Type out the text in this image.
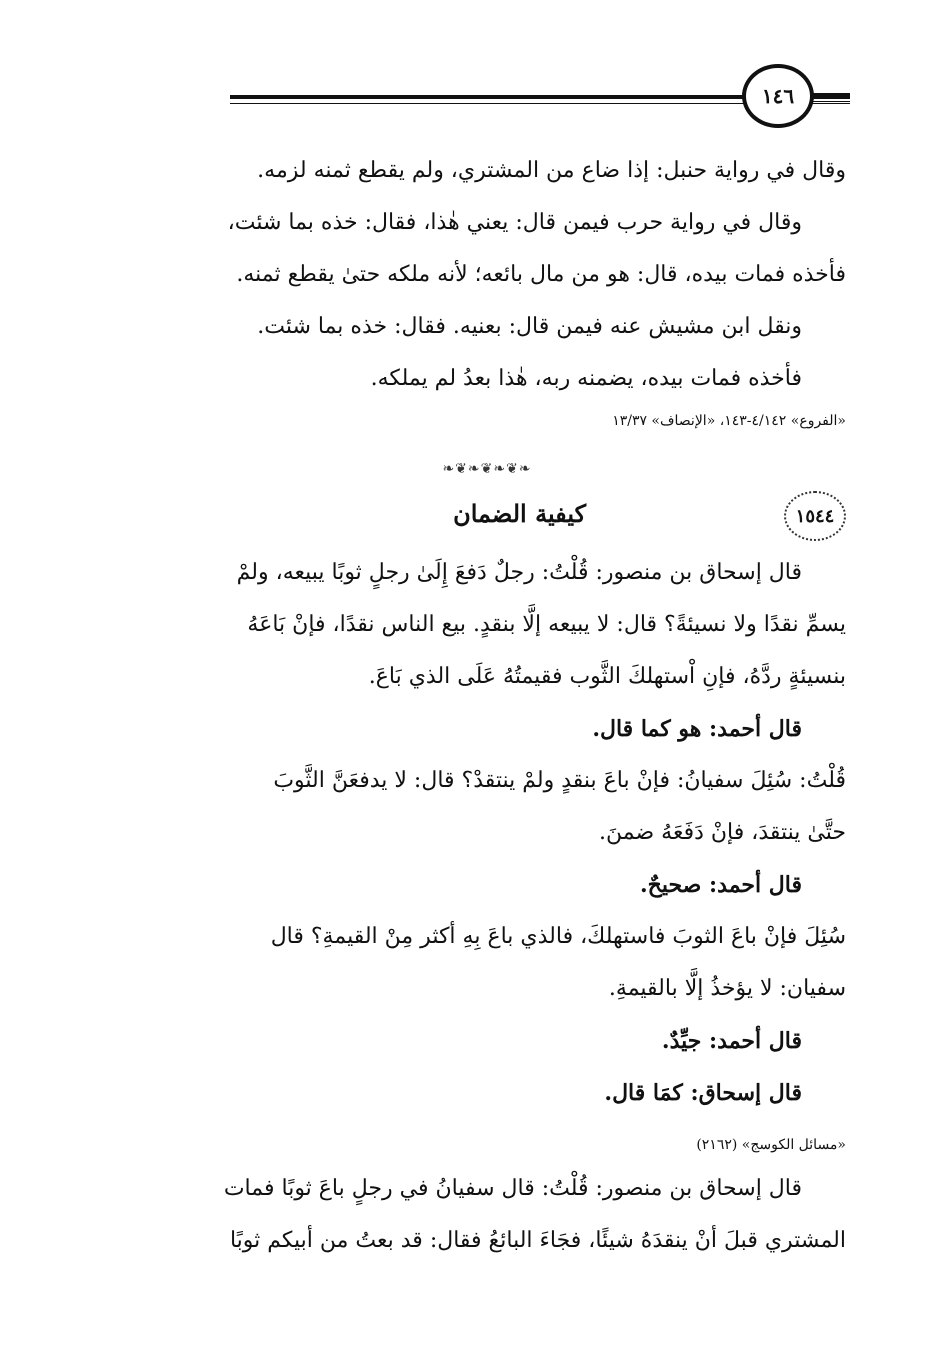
١٤٦

وقال في رواية حنبل: إذا ضاع من المشتري، ولم يقطع ثمنه لزمه.

وقال في رواية حرب فيمن قال: يعني هٰذا، فقال: خذه بما شئت،

فأخذه فمات بيده، قال: هو من مال بائعه؛ لأنه ملكه حتىٰ يقطع ثمنه.

ونقل ابن مشيش عنه فيمن قال: بعنيه. فقال: خذه بما شئت.

فأخذه فمات بيده، يضمنه ربه، هٰذا بعدُ لم يملكه.

«الفروع» ٤/١٤٢-١٤٣، «الإنصاف» ١٣/٣٧

❧❦❧❦❧❦❧
١٥٤٤
كيفية الضمان

قال إسحاق بن منصور: قُلْتُ: رجلٌ دَفعَ إِلَىٰ رجلٍ ثوبًا يبيعه، ولمْ

يسمِّ نقدًا ولا نسيئةً؟ قال: لا يبيعه إلَّا بنقدٍ. بيع الناس نقدًا، فإنْ بَاعَهُ

بنسيئةٍ ردَّهُ، فإنِ اْستهلكَ الثَّوب فقيمتُهُ عَلَى الذي بَاعَ.

قال أحمد: هو كما قال.

قُلْتُ: سُئِلَ سفيانُ: فإنْ باعَ بنقدٍ ولمْ ينتقدْ؟ قال: لا يدفعَنَّ الثَّوبَ

حتَّىٰ ينتقدَ، فإنْ دَفَعَهُ ضمنَ.

قال أحمد: صحيحٌ.

سُئِلَ فإنْ باعَ الثوبَ فاستهلكَ، فالذي باعَ بِهِ أكثر مِنْ القيمةِ؟ قال

سفيان: لا يؤخذُ إلَّا بالقيمةِ.

قال أحمد: جيِّدٌ.

قال إسحاق: كمَا قال.

«مسائل الكوسج» (٢١٦٢)

قال إسحاق بن منصور: قُلْتُ: قال سفيانُ في رجلٍ باعَ ثوبًا فمات

المشتري قبلَ أنْ ينقدَهُ شيئًا، فجَاءَ البائعُ فقال: قد بعتُ من أبيكم ثوبًا
